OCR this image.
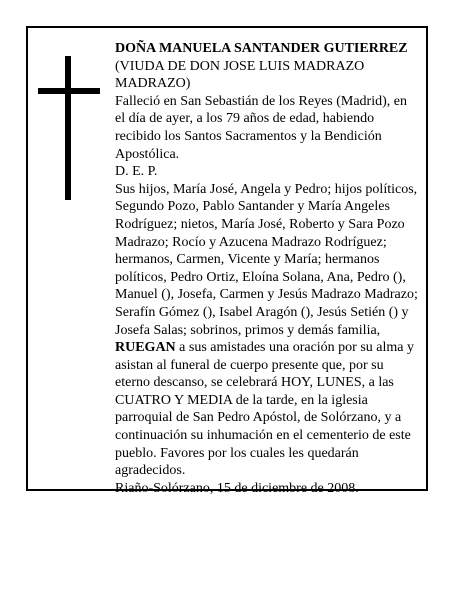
DOÑA MANUELA SANTANDER GUTIERREZ

(VIUDA DE DON JOSE LUIS MADRAZO MADRAZO)

Falleció en San Sebastián de los Reyes (Madrid), en el día de ayer, a los 79 años de edad, habiendo recibido los Santos Sacramentos y la Bendición Apostólica.

D. E. P.

Sus hijos, María José, Angela y Pedro; hijos políticos, Segundo Pozo, Pablo Santander y María Angeles Rodríguez; nietos, María José, Roberto y Sara Pozo Madrazo; Rocío y Azucena Madrazo Rodríguez; hermanos, Carmen, Vicente y María; hermanos políticos, Pedro Ortiz, Eloína Solana, Ana, Pedro (), Manuel (), Josefa, Carmen y Jesús Madrazo Madrazo; Serafín Gómez (), Isabel Aragón (), Jesús Setién () y Josefa Salas; sobrinos, primos y demás familia,

RUEGAN a sus amistades una oración por su alma y asistan al funeral de cuerpo presente que, por su eterno descanso, se celebrará HOY, LUNES, a las CUATRO Y MEDIA de la tarde, en la iglesia parroquial de San Pedro Apóstol, de Solórzano, y a continuación su inhumación en el cementerio de este pueblo. Favores por los cuales les quedarán agradecidos.

Riaño-Solórzano, 15 de diciembre de 2008.
